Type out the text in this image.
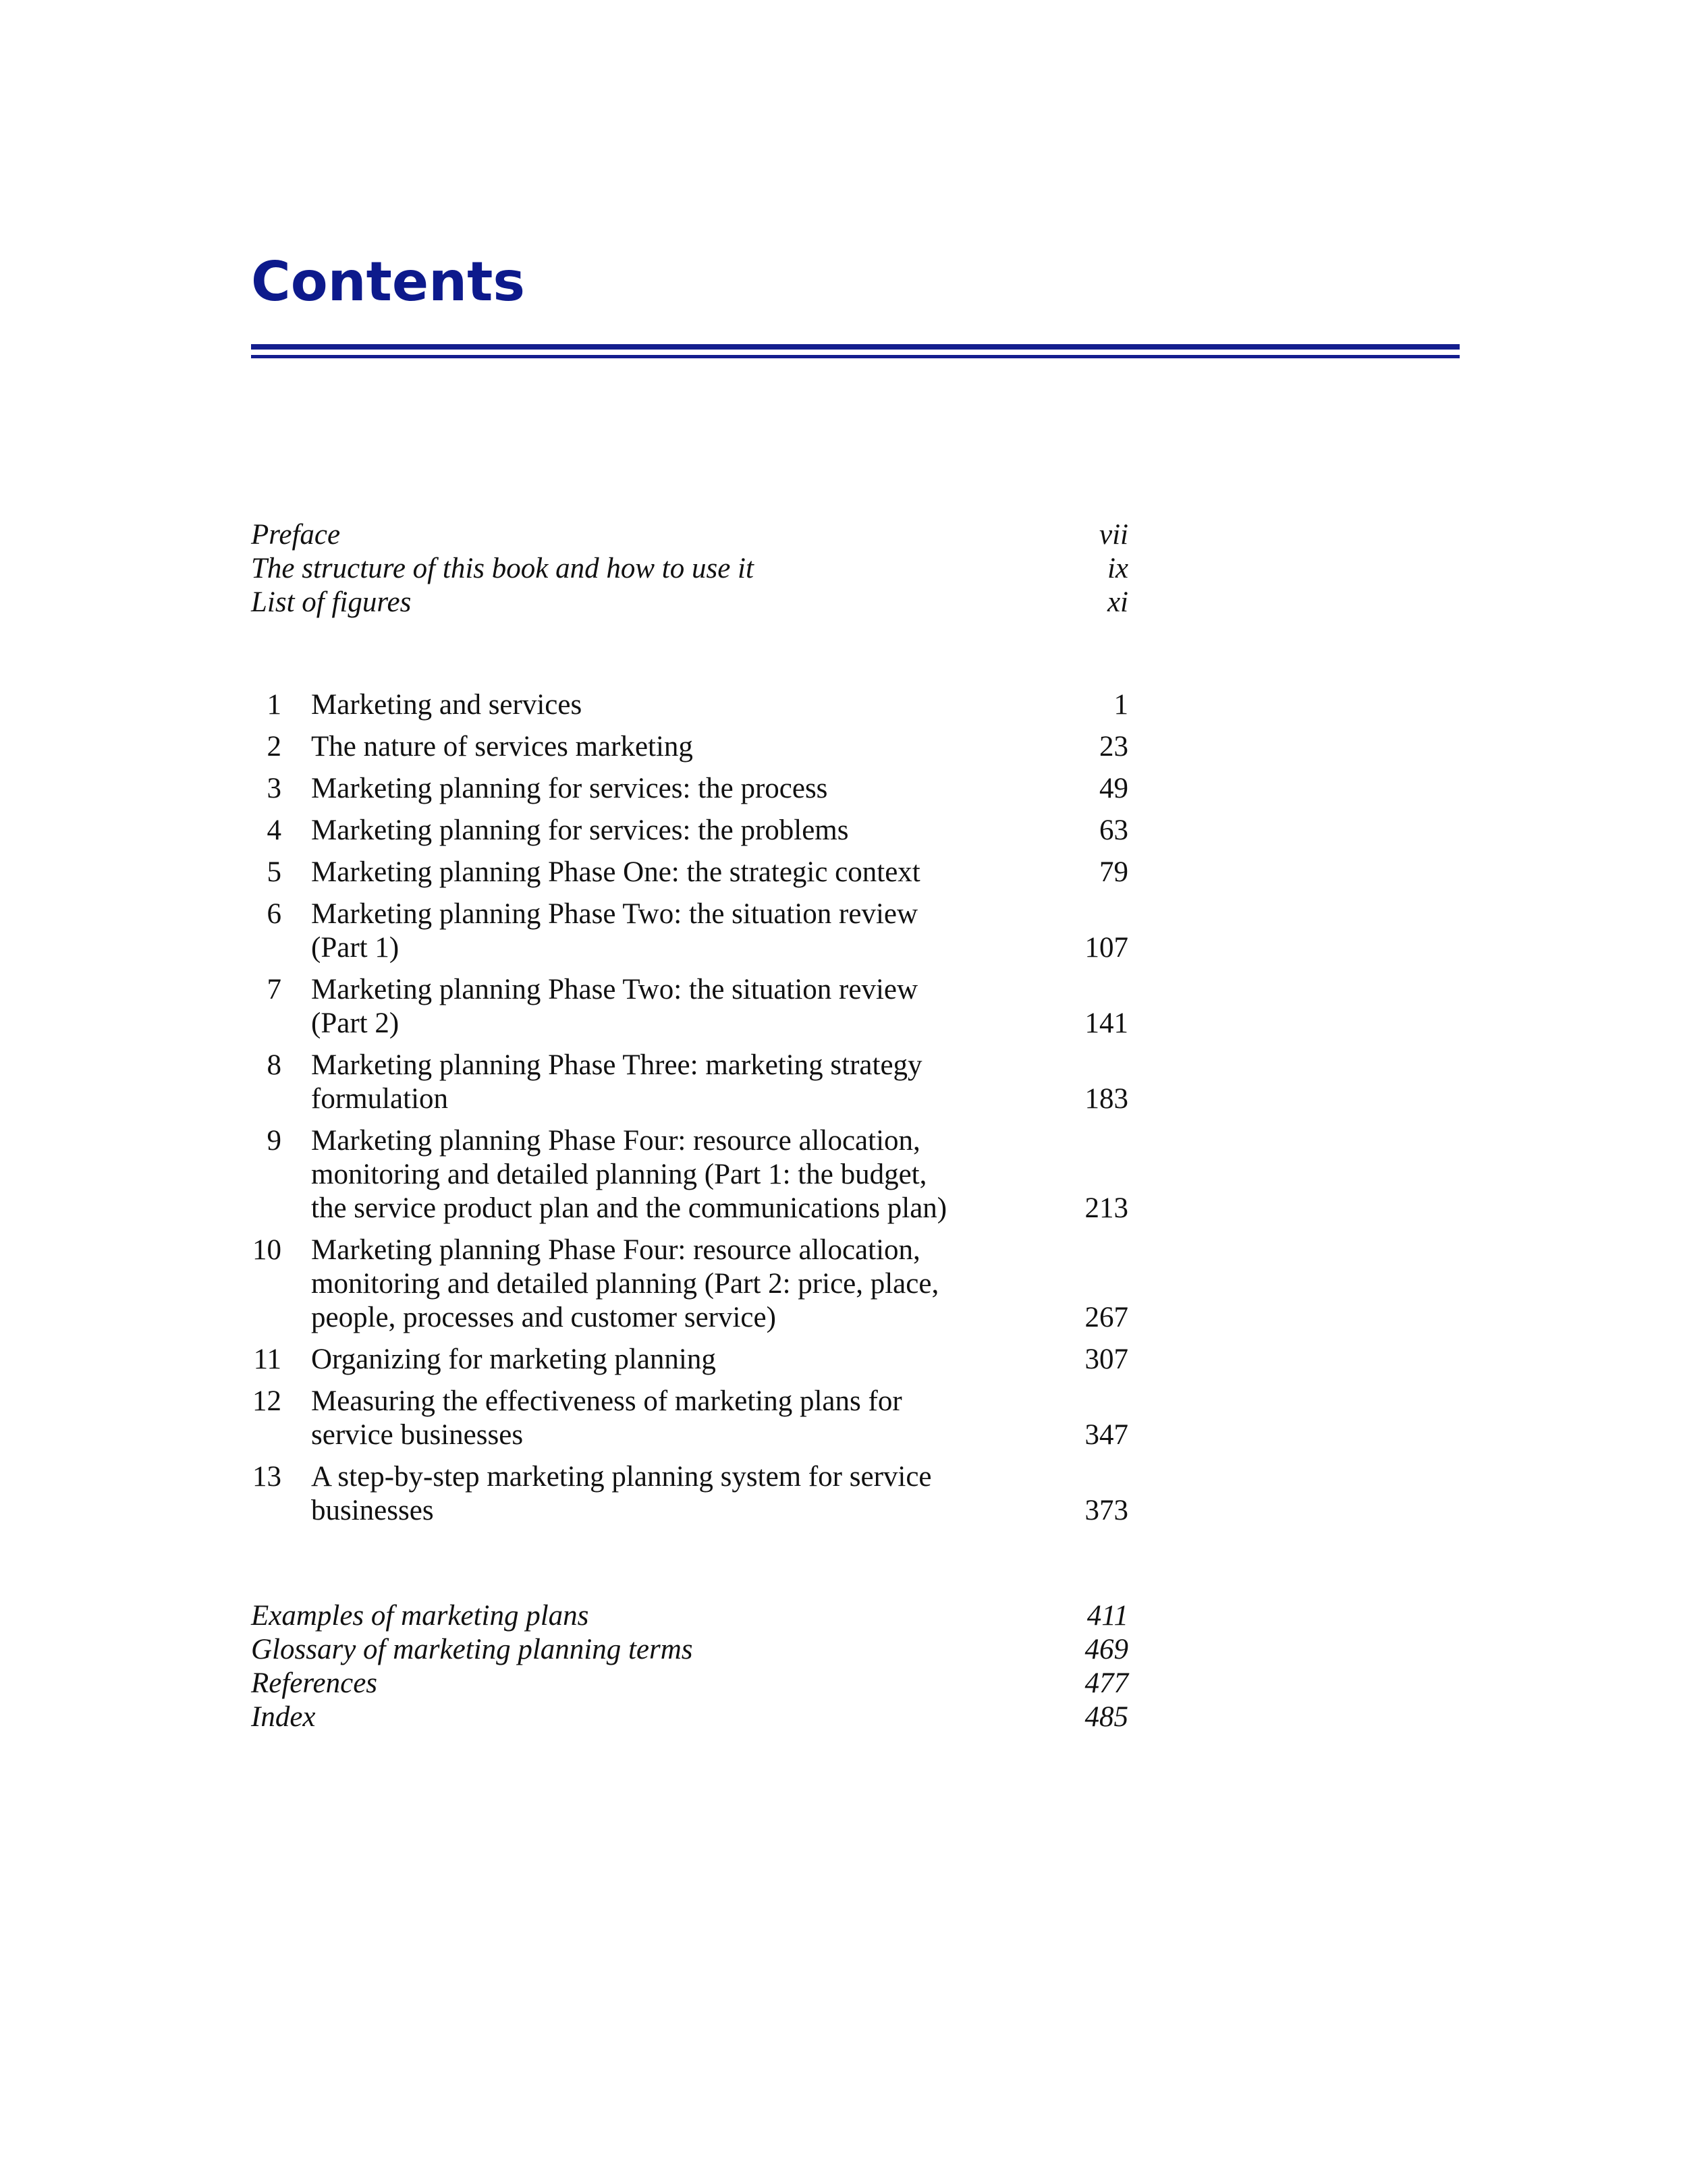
Contents
Preface	vii
The structure of this book and how to use it	ix
List of figures	xi
1 Marketing and services	1
2 The nature of services marketing	23
3 Marketing planning for services: the process	49
4 Marketing planning for services: the problems	63
5 Marketing planning Phase One: the strategic context	79
6 Marketing planning Phase Two: the situation review
(Part 1)	107
7 Marketing planning Phase Two: the situation review
(Part 2)	141
8 Marketing planning Phase Three: marketing strategy
formulation	183
9 Marketing planning Phase Four: resource allocation,
monitoring and detailed planning (Part 1: the budget,
the service product plan and the communications plan)	213
10 Marketing planning Phase Four: resource allocation,
monitoring and detailed planning (Part 2: price, place,
people, processes and customer service)	267
11 Organizing for marketing planning	307
12 Measuring the effectiveness of marketing plans for
service businesses	347
13 A step-by-step marketing planning system for service
businesses	373
Examples of marketing plans	411
Glossary of marketing planning terms	469
References	477
Index	485
